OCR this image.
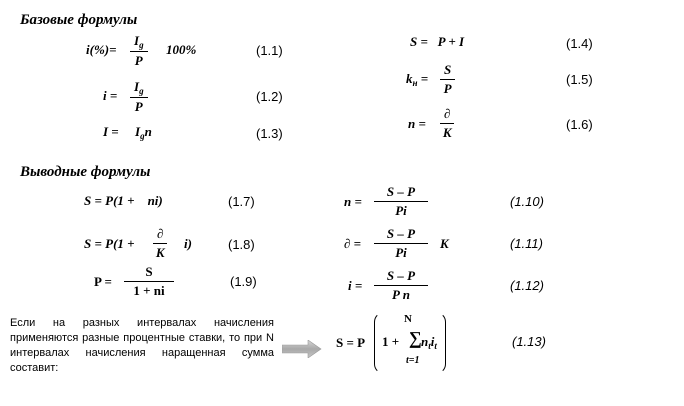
Базовые формулы
Выводные формулы
$i(\%)= \frac{I_g}{P} 100\%$	(1.1)
$i = \frac{I_g}{P}$	(1.2)
$I = I_gn$	(1.3)
S =   P + I	(1.4)
$k_н = \frac{S}{P}$	(1.5)
n =
∂
K
(1.6)
S = P(1 +    ni)	(1.7)
S = P(1 +
∂
K
i)	(1.8)
$P = \frac{S}{1 + ni}$	(1.9)
$n = \frac{S - P}{Pi}$	(1.10)
∂ = $\frac{S - P}{Pi}$ K	(1.11)
$i = \frac{S - P}{\text{P n}}$	(1.12)
Если на разных интервалах начисления применяются разные процентные ставки, то при N интервалах начисления наращенная сумма составит:
S = P
N
1 + ∑ $n_ti_t$
t=1
(1.13)
